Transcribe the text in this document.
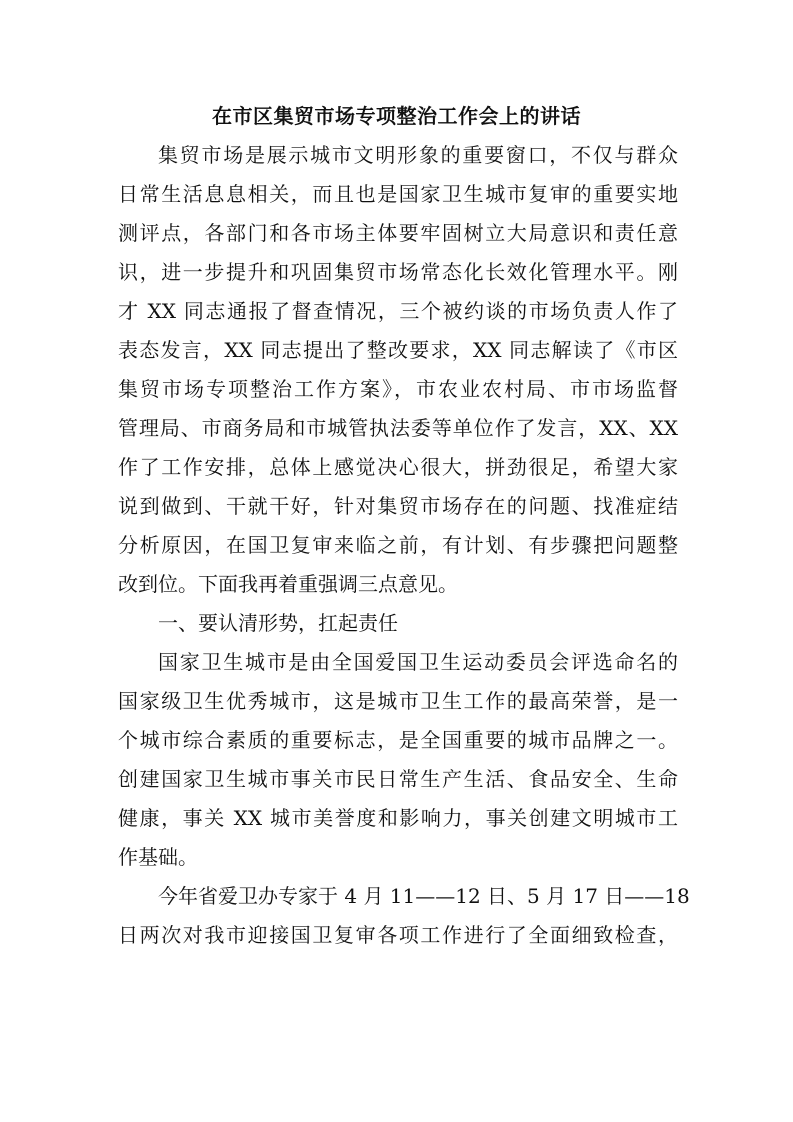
在市区集贸市场专项整治工作会上的讲话
集贸市场是展示城市文明形象的重要窗口，不仅与群众
日常生活息息相关，而且也是国家卫生城市复审的重要实地
测评点，各部门和各市场主体要牢固树立大局意识和责任意
识，进一步提升和巩固集贸市场常态化长效化管理水平。刚
才 XX 同志通报了督查情况，三个被约谈的市场负责人作了
表态发言，XX 同志提出了整改要求，XX 同志解读了《市区
集贸市场专项整治工作方案》，市农业农村局、市市场监督
管理局、市商务局和市城管执法委等单位作了发言，XX、XX
作了工作安排，总体上感觉决心很大，拼劲很足，希望大家
说到做到、干就干好，针对集贸市场存在的问题、找准症结
分析原因，在国卫复审来临之前，有计划、有步骤把问题整
改到位。下面我再着重强调三点意见。
一、要认清形势，扛起责任
国家卫生城市是由全国爱国卫生运动委员会评选命名的
国家级卫生优秀城市，这是城市卫生工作的最高荣誉，是一
个城市综合素质的重要标志，是全国重要的城市品牌之一。
创建国家卫生城市事关市民日常生产生活、食品安全、生命
健康，事关 XX 城市美誉度和影响力，事关创建文明城市工
作基础。
今年省爱卫办专家于 4 月 11——12 日、5 月 17 日——18
日两次对我市迎接国卫复审各项工作进行了全面细致检查，
